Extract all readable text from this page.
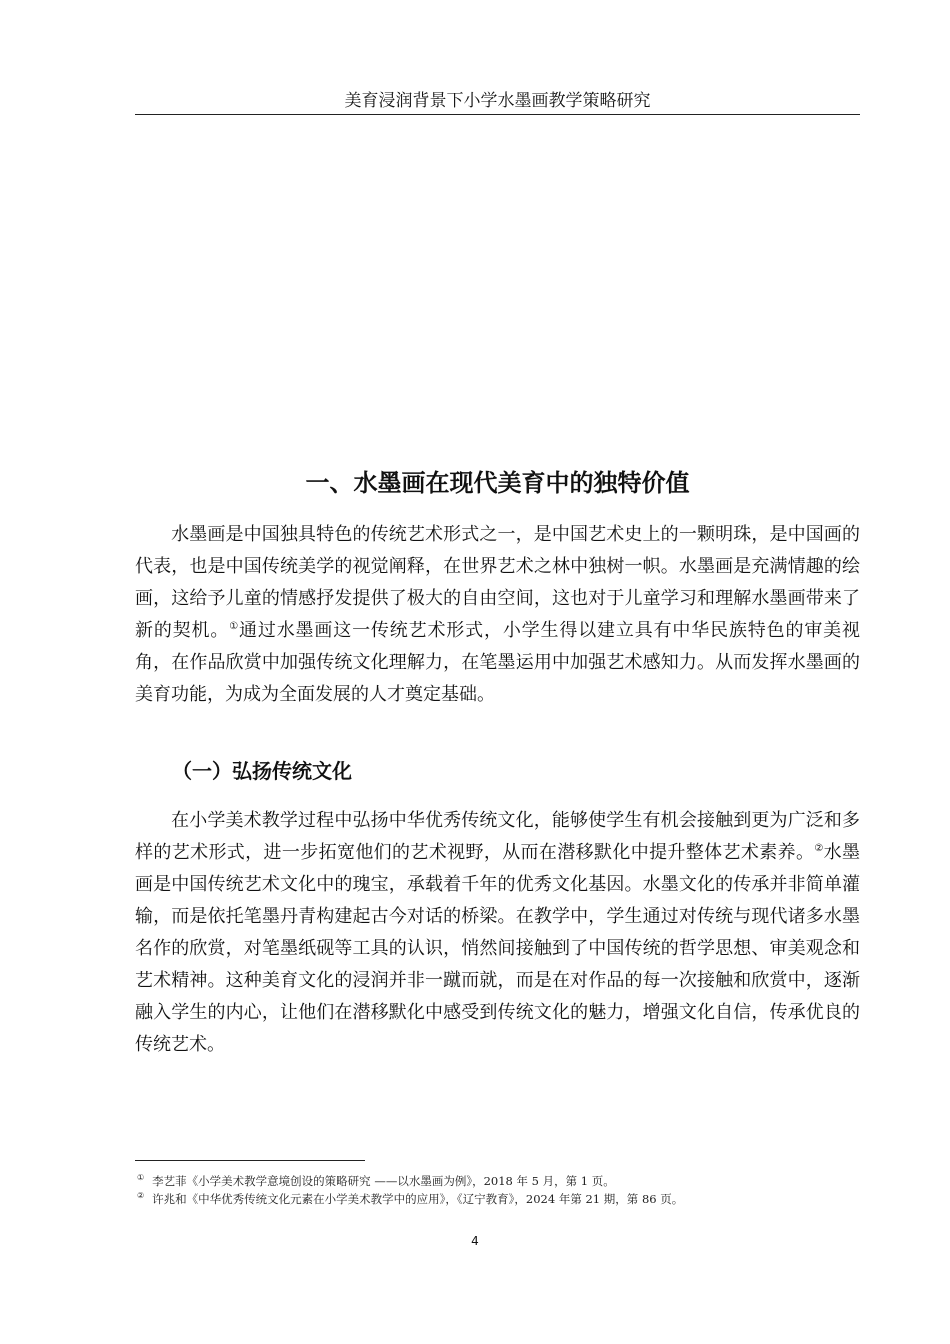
美育浸润背景下小学水墨画教学策略研究
一、水墨画在现代美育中的独特价值

水墨画是中国独具特色的传统艺术形式之一，是中国艺术史上的一颗明珠，是中国画的代表，也是中国传统美学的视觉阐释，在世界艺术之林中独树一帜。水墨画是充满情趣的绘画，这给予儿童的情感抒发提供了极大的自由空间，这也对于儿童学习和理解水墨画带来了新的契机。①通过水墨画这一传统艺术形式，小学生得以建立具有中华民族特色的审美视角，在作品欣赏中加强传统文化理解力，在笔墨运用中加强艺术感知力。从而发挥水墨画的美育功能，为成为全面发展的人才奠定基础。

（一）弘扬传统文化

在小学美术教学过程中弘扬中华优秀传统文化，能够使学生有机会接触到更为广泛和多样的艺术形式，进一步拓宽他们的艺术视野，从而在潜移默化中提升整体艺术素养。②水墨画是中国传统艺术文化中的瑰宝，承载着千年的优秀文化基因。水墨文化的传承并非简单灌输，而是依托笔墨丹青构建起古今对话的桥梁。在教学中，学生通过对传统与现代诸多水墨名作的欣赏，对笔墨纸砚等工具的认识，悄然间接触到了中国传统的哲学思想、审美观念和艺术精神。这种美育文化的浸润并非一蹴而就，而是在对作品的每一次接触和欣赏中，逐渐融入学生的内心，让他们在潜移默化中感受到传统文化的魅力，增强文化自信，传承优良的传统艺术。

① 李艺菲《小学美术教学意境创设的策略研究 ——以水墨画为例》，2018 年 5 月，第 1 页。
② 许兆和《中华优秀传统文化元素在小学美术教学中的应用》，《辽宁教育》，2024 年第 21 期，第 86 页。
4
